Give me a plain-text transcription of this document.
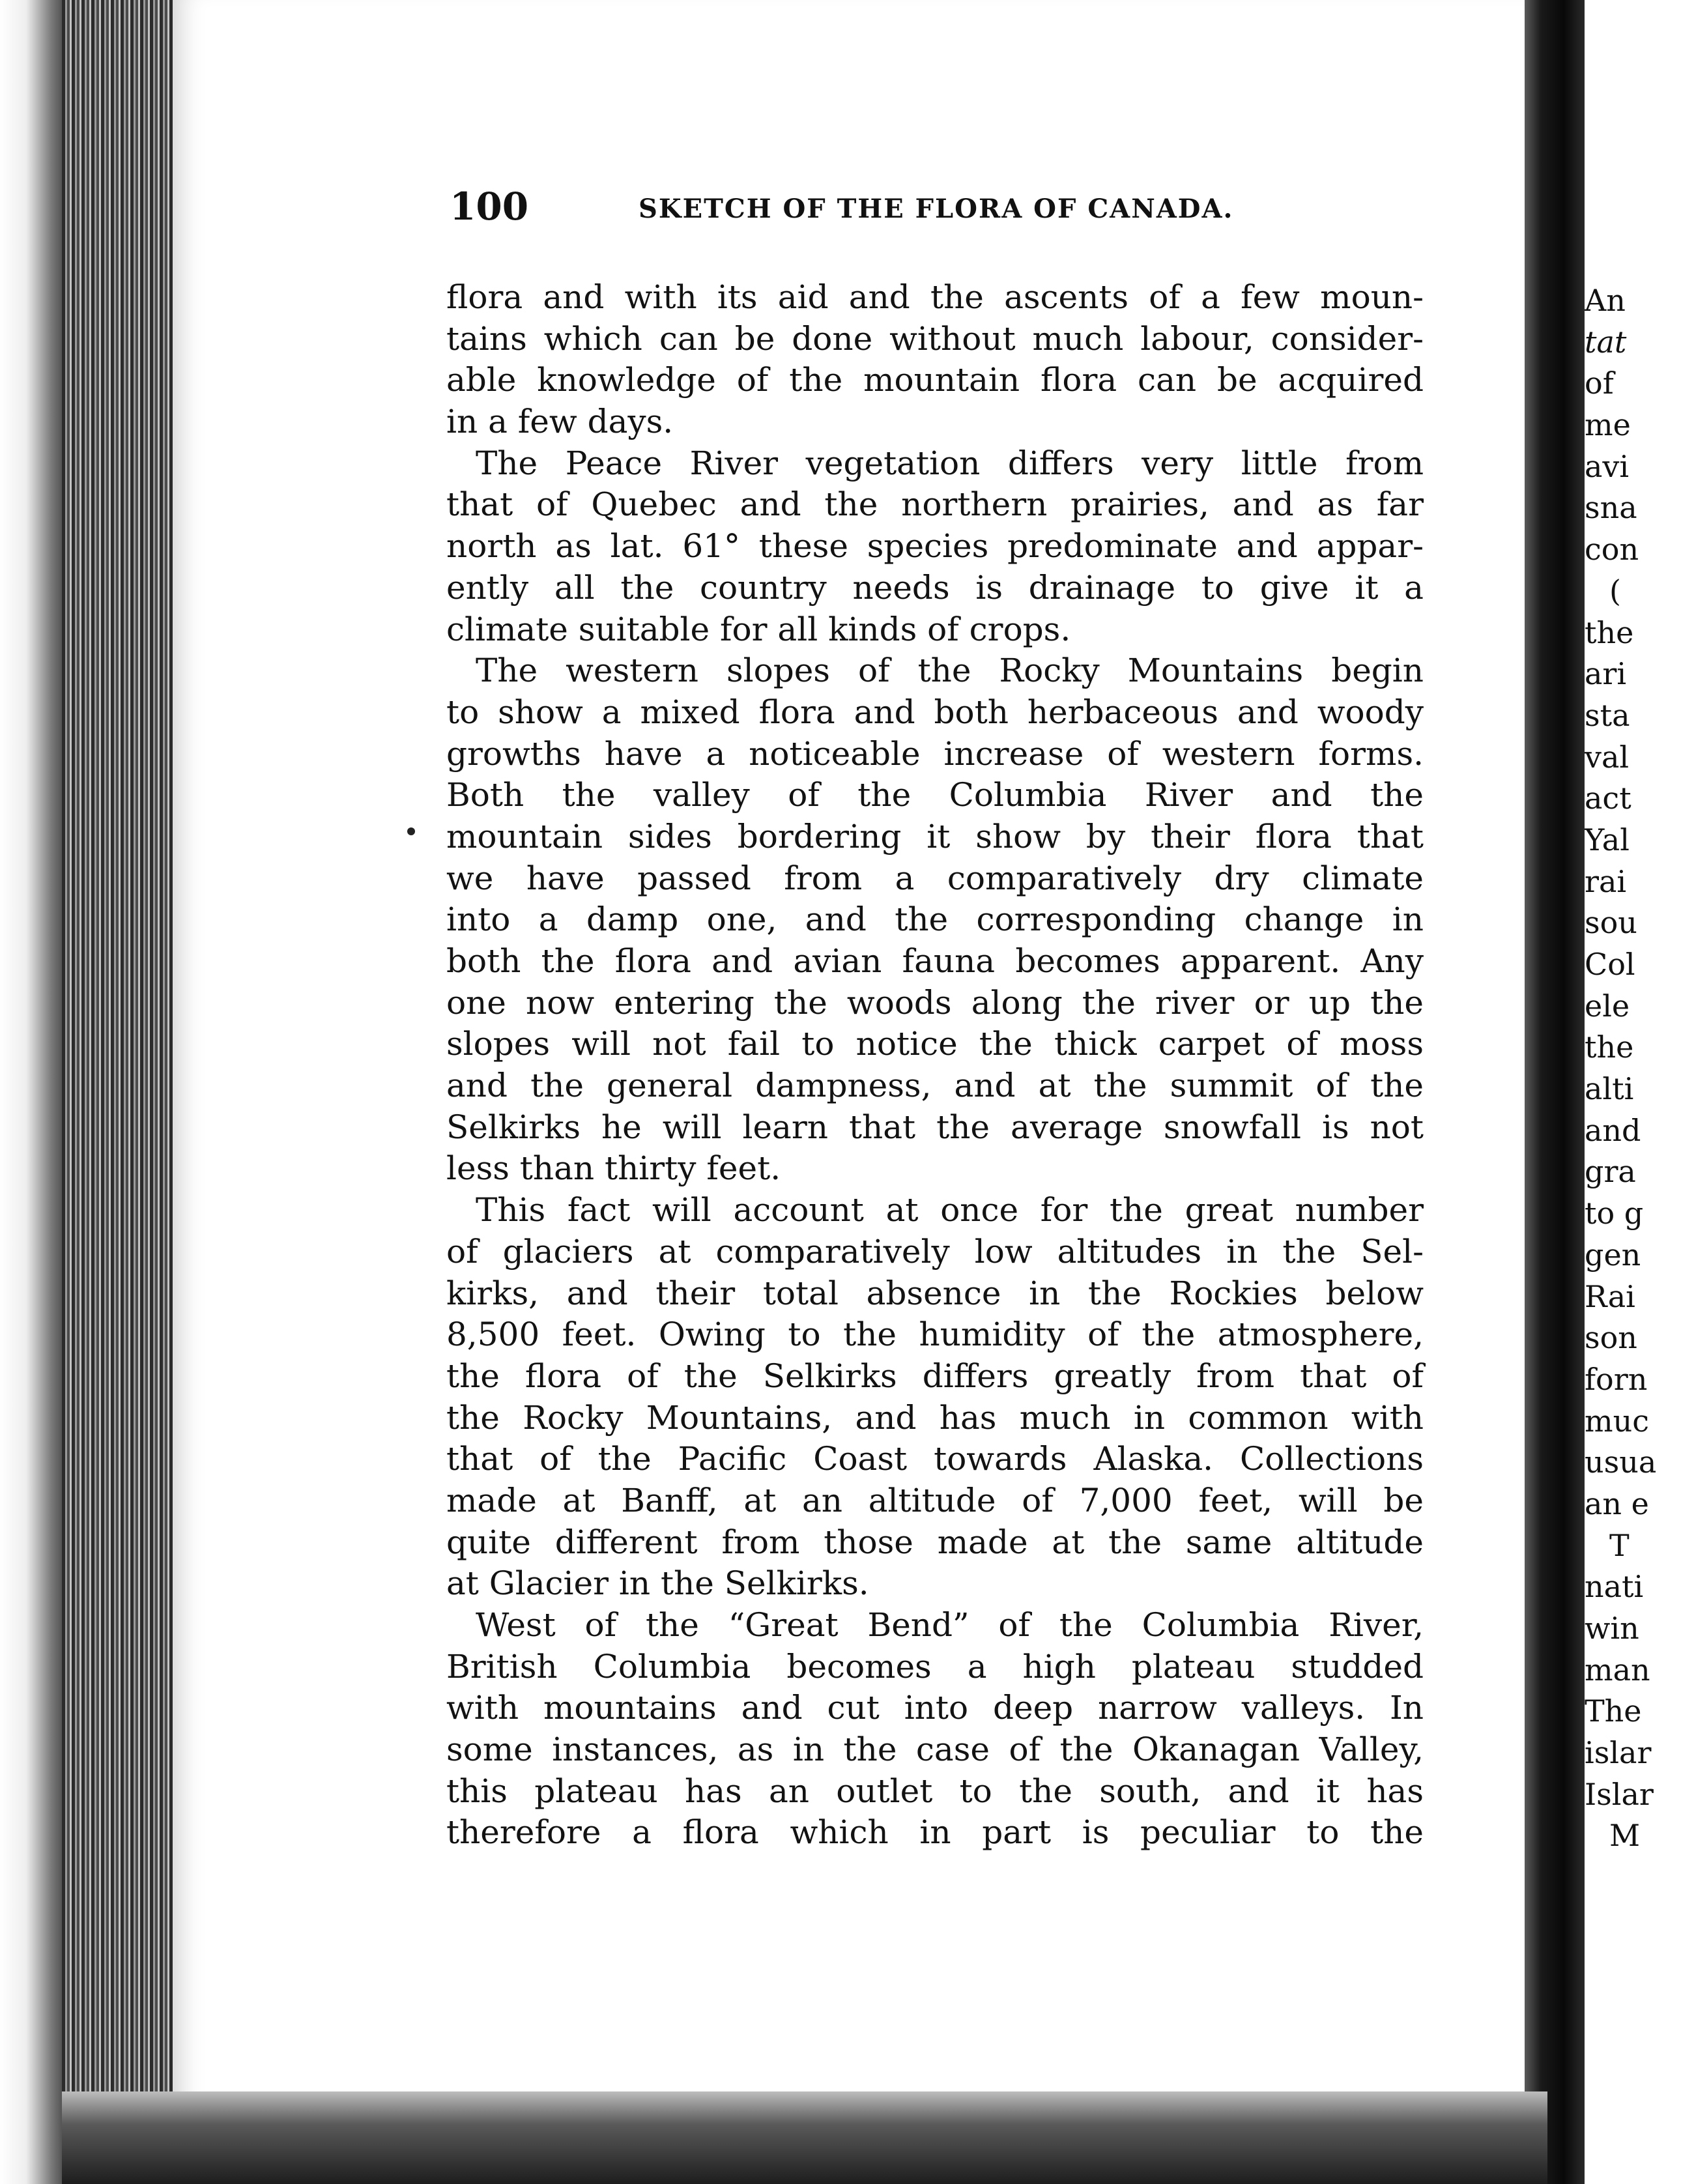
100	SKETCH OF THE FLORA OF CANADA.
flora and with its aid and the ascents of a few moun-
tains which can be done without much labour, consider-
able knowledge of the mountain flora can be acquired
in a few days.
The Peace River vegetation differs very little from
that of Quebec and the northern prairies, and as far
north as lat. 61° these species predominate and appar-
ently all the country needs is drainage to give it a
climate suitable for all kinds of crops.
The western slopes of the Rocky Mountains begin
to show a mixed flora and both herbaceous and woody
growths have a noticeable increase of western forms.
Both the valley of the Columbia River and the
mountain sides bordering it show by their flora that
we have passed from a comparatively dry climate
into a damp one, and the corresponding change in
both the flora and avian fauna becomes apparent. Any
one now entering the woods along the river or up the
slopes will not fail to notice the thick carpet of moss
and the general dampness, and at the summit of the
Selkirks he will learn that the average snowfall is not
less than thirty feet.
This fact will account at once for the great number
of glaciers at comparatively low altitudes in the Sel-
kirks, and their total absence in the Rockies below
8,500 feet. Owing to the humidity of the atmosphere,
the flora of the Selkirks differs greatly from that of
the Rocky Mountains, and has much in common with
that of the Pacific Coast towards Alaska. Collections
made at Banff, at an altitude of 7,000 feet, will be
quite different from those made at the same altitude
at Glacier in the Selkirks.
West of the “Great Bend” of the Columbia River,
British Columbia becomes a high plateau studded
with mountains and cut into deep narrow valleys. In
some instances, as in the case of the Okanagan Valley,
this plateau has an outlet to the south, and it has
therefore a flora which in part is peculiar to the
An
tat
of
me
avi
sna
con
(
the
ari
sta
val
act
Yal
rai
sou
Col
ele
the
alti
and
gra
to g
gen
Rai
son
forn
muc
usua
an e
T
nati
win
man
The
islar
Islar
M
